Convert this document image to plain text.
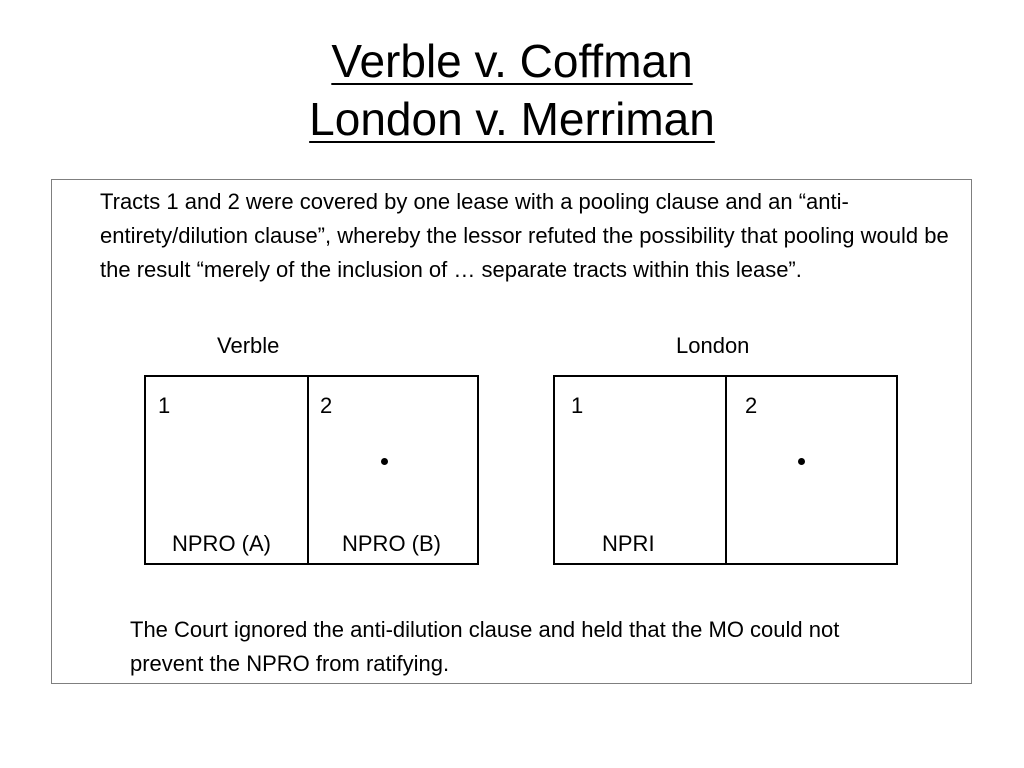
Verble v. Coffman
London v. Merriman
Tracts 1 and 2 were covered by one lease with a pooling clause and an “anti-entirety/dilution clause”, whereby the lessor refuted the possibility that pooling would be the result “merely of the inclusion of … separate tracts within this lease”.
Verble
1	2
NPRO (A)	NPRO (B)
London
1	2
NPRI
The Court ignored the anti-dilution clause and held that the MO could not prevent the NPRO from ratifying.
